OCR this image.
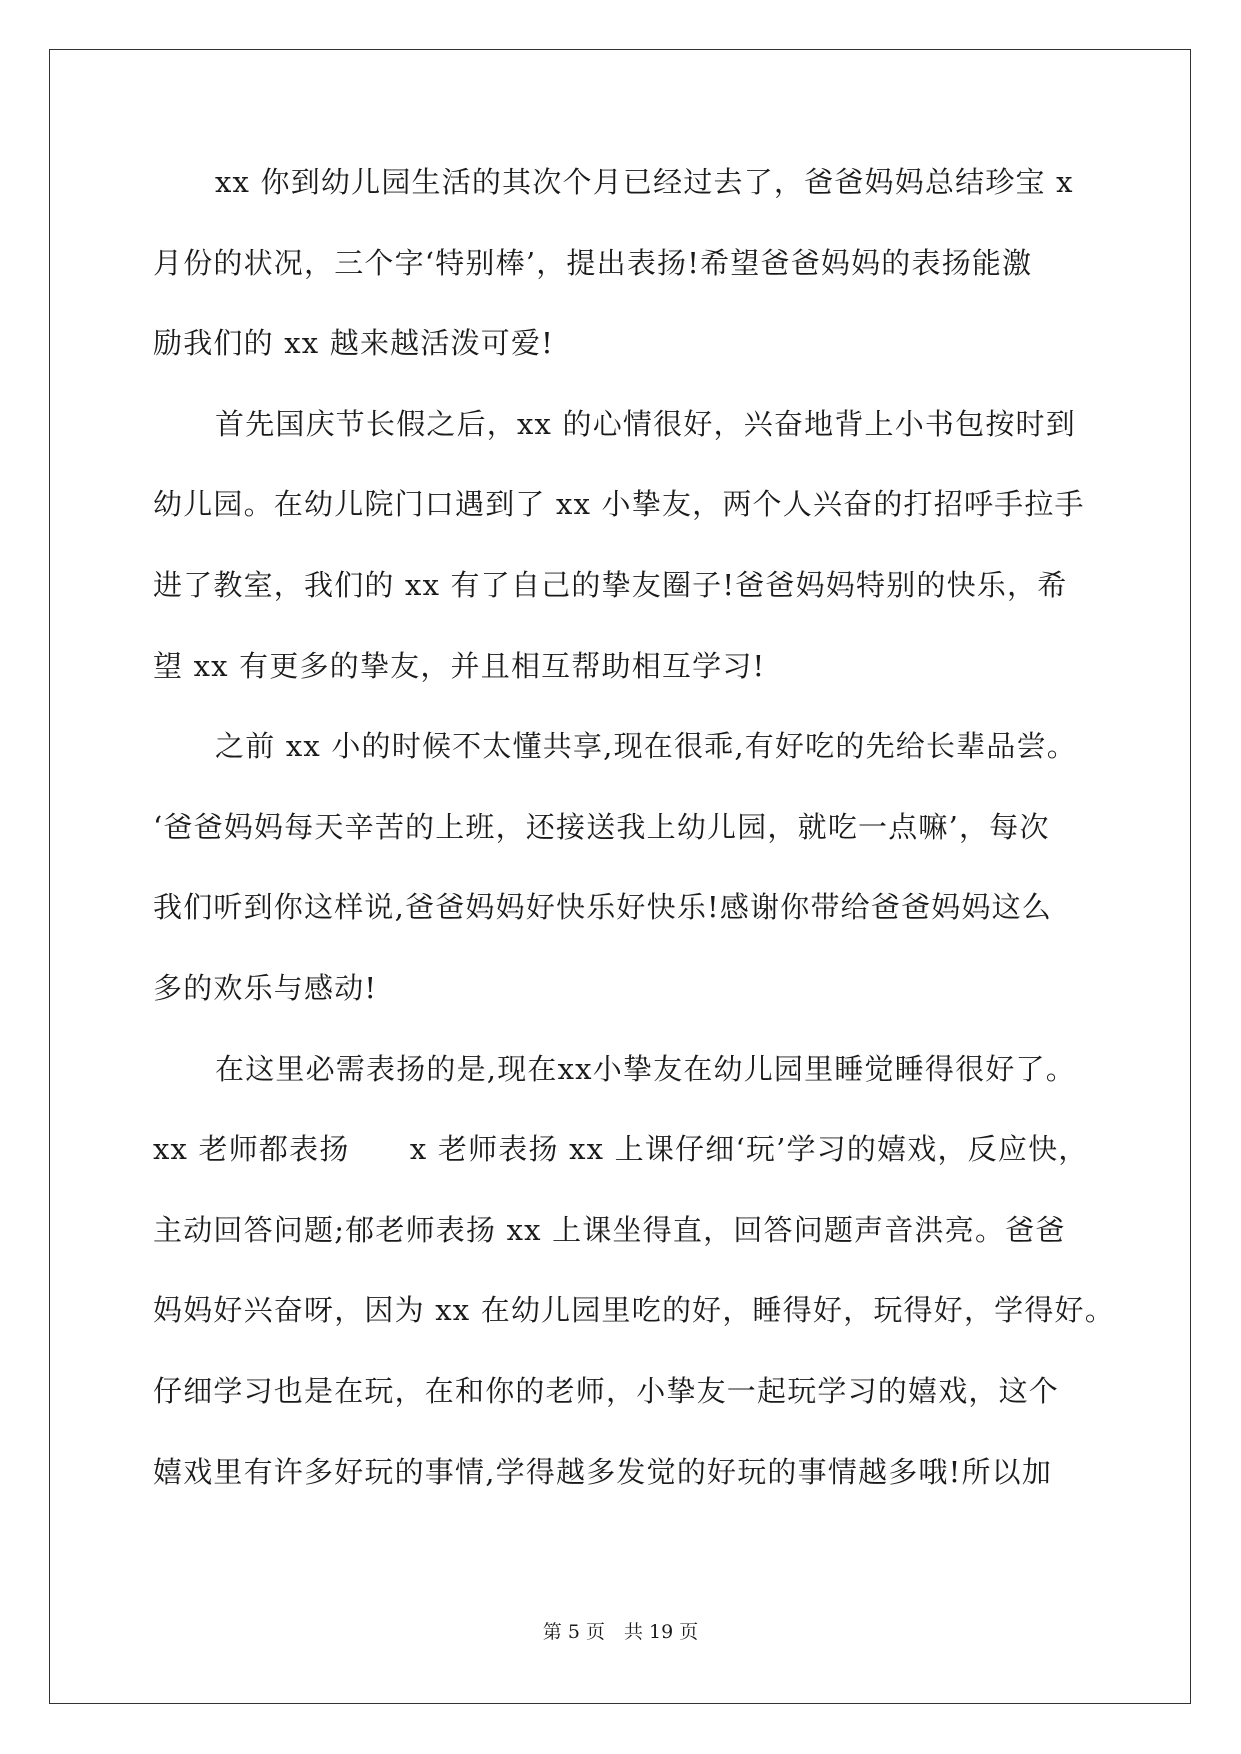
xx 你到幼儿园生活的其次个月已经过去了，爸爸妈妈总结珍宝 x
月份的状况，三个字‘特别棒’，提出表扬!希望爸爸妈妈的表扬能激
励我们的 xx 越来越活泼可爱!
首先国庆节长假之后，xx 的心情很好，兴奋地背上小书包按时到
幼儿园。在幼儿院门口遇到了 xx 小挚友，两个人兴奋的打招呼手拉手
进了教室，我们的 xx 有了自己的挚友圈子!爸爸妈妈特别的快乐，希
望 xx 有更多的挚友，并且相互帮助相互学习!
之前 xx 小的时候不太懂共享,现在很乖,有好吃的先给长辈品尝。
‘爸爸妈妈每天辛苦的上班，还接送我上幼儿园，就吃一点嘛’，每次
我们听到你这样说,爸爸妈妈好快乐好快乐!感谢你带给爸爸妈妈这么
多的欢乐与感动!
在这里必需表扬的是,现在xx小挚友在幼儿园里睡觉睡得很好了。
xx 老师都表扬　　x 老师表扬 xx 上课仔细‘玩’学习的嬉戏，反应快，
主动回答问题;郁老师表扬 xx 上课坐得直，回答问题声音洪亮。爸爸
妈妈好兴奋呀，因为 xx 在幼儿园里吃的好，睡得好，玩得好，学得好。
仔细学习也是在玩，在和你的老师，小挚友一起玩学习的嬉戏，这个
嬉戏里有许多好玩的事情,学得越多发觉的好玩的事情越多哦!所以加
第 5 页　共 19 页
